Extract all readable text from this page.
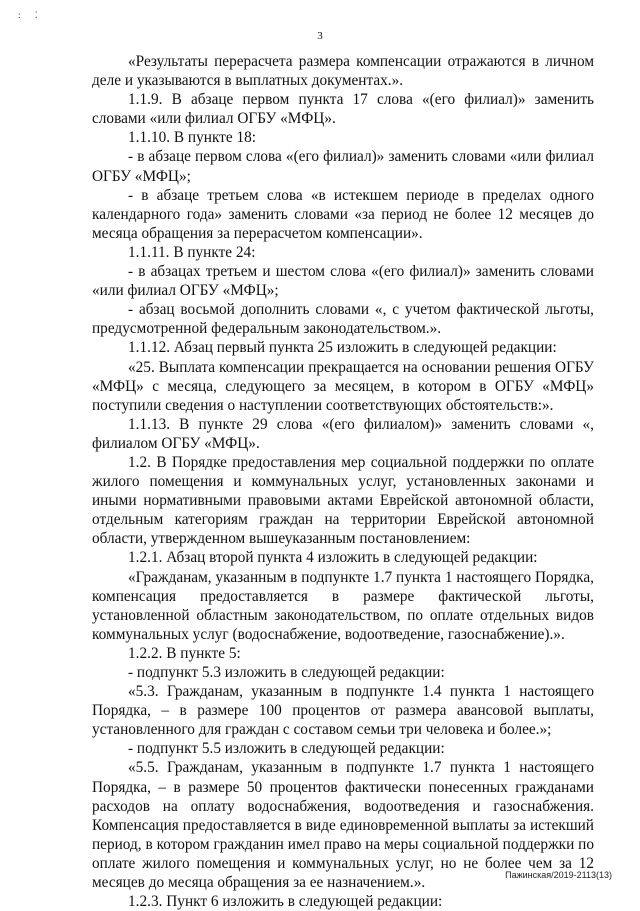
: ⁚
3

«Результаты перерасчета размера компенсации отражаются в личном деле и указываются в выплатных документах.».

1.1.9. В абзаце первом пункта 17 слова «(его филиал)» заменить словами «или филиал ОГБУ «МФЦ».

1.1.10. В пункте 18:

- в абзаце первом слова «(его филиал)» заменить словами «или филиал ОГБУ «МФЦ»;

- в абзаце третьем слова «в истекшем периоде в пределах одного календарного года» заменить словами «за период не более 12 месяцев до месяца обращения за перерасчетом компенсации».

1.1.11. В пункте 24:

- в абзацах третьем и шестом слова «(его филиал)» заменить словами «или филиал ОГБУ «МФЦ»;

- абзац восьмой дополнить словами «, с учетом фактической льготы, предусмотренной федеральным законодательством.».

1.1.12. Абзац первый пункта 25 изложить в следующей редакции:

«25. Выплата компенсации прекращается на основании решения ОГБУ «МФЦ» с месяца, следующего за месяцем, в котором в ОГБУ «МФЦ» поступили сведения о наступлении соответствующих обстоятельств:».

1.1.13. В пункте 29 слова «(его филиалом)» заменить словами «, филиалом ОГБУ «МФЦ».

1.2. В Порядке предоставления мер социальной поддержки по оплате жилого помещения и коммунальных услуг, установленных законами и иными нормативными правовыми актами Еврейской автономной области, отдельным категориям граждан на территории Еврейской автономной области, утвержденном вышеуказанным постановлением:

1.2.1. Абзац второй пункта 4 изложить в следующей редакции:

«Гражданам, указанным в подпункте 1.7 пункта 1 настоящего Порядка, компенсация предоставляется в размере фактической льготы, установленной областным законодательством, по оплате отдельных видов коммунальных услуг (водоснабжение, водоотведение, газоснабжение).».

1.2.2. В пункте 5:

- подпункт 5.3 изложить в следующей редакции:

«5.3. Гражданам, указанным в подпункте 1.4 пункта 1 настоящего Порядка, – в размере 100 процентов от размера авансовой выплаты, установленного для граждан с составом семьи три человека и более.»;

- подпункт 5.5 изложить в следующей редакции:

«5.5. Гражданам, указанным в подпункте 1.7 пункта 1 настоящего Порядка, – в размере 50 процентов фактически понесенных гражданами расходов на оплату водоснабжения, водоотведения и газоснабжения. Компенсация предоставляется в виде единовременной выплаты за истекший период, в котором гражданин имел право на меры социальной поддержки по оплате жилого помещения и коммунальных услуг, но не более чем за 12 месяцев до месяца обращения за ее назначением.».

1.2.3. Пункт 6 изложить в следующей редакции:

Пажинская/2019-2113(13)
